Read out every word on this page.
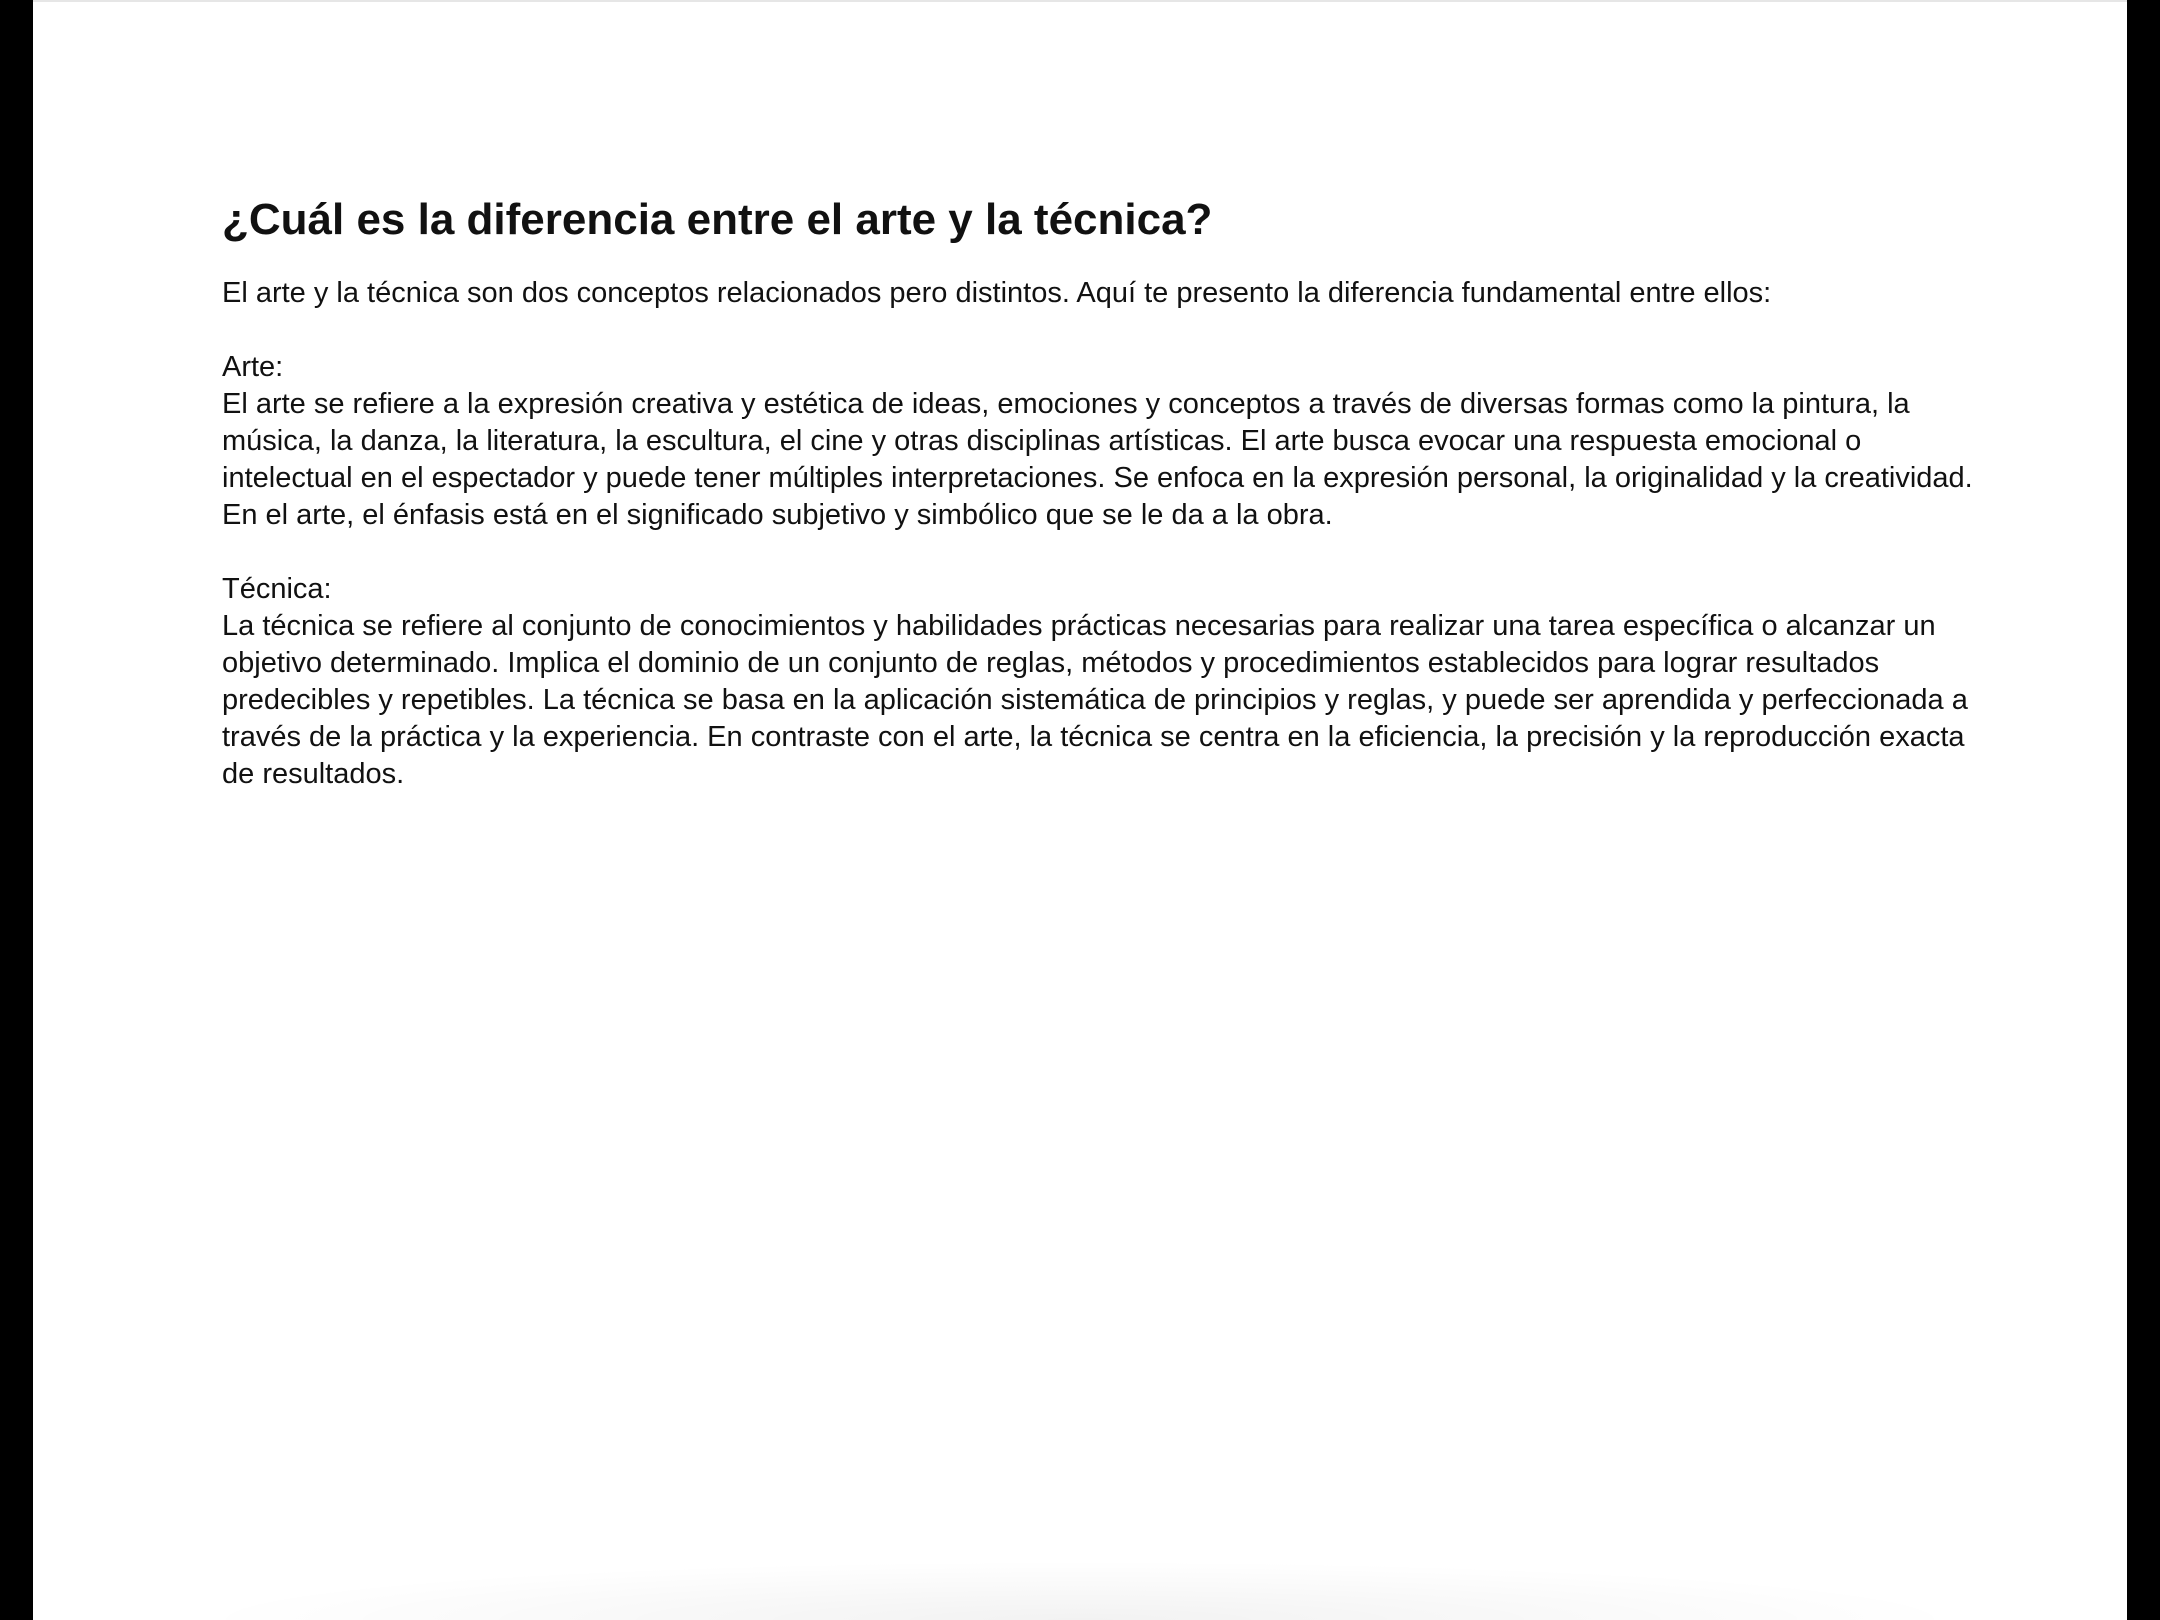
¿Cuál es la diferencia entre el arte y la técnica?

El arte y la técnica son dos conceptos relacionados pero distintos. Aquí te presento la diferencia fundamental entre ellos:

Arte:

El arte se refiere a la expresión creativa y estética de ideas, emociones y conceptos a través de diversas formas como la pintura, la música, la danza, la literatura, la escultura, el cine y otras disciplinas artísticas. El arte busca evocar una respuesta emocional o intelectual en el espectador y puede tener múltiples interpretaciones. Se enfoca en la expresión personal, la originalidad y la creatividad. En el arte, el énfasis está en el significado subjetivo y simbólico que se le da a la obra.

Técnica:

La técnica se refiere al conjunto de conocimientos y habilidades prácticas necesarias para realizar una tarea específica o alcanzar un objetivo determinado. Implica el dominio de un conjunto de reglas, métodos y procedimientos establecidos para lograr resultados predecibles y repetibles. La técnica se basa en la aplicación sistemática de principios y reglas, y puede ser aprendida y perfeccionada a través de la práctica y la experiencia. En contraste con el arte, la técnica se centra en la eficiencia, la precisión y la reproducción exacta de resultados.
